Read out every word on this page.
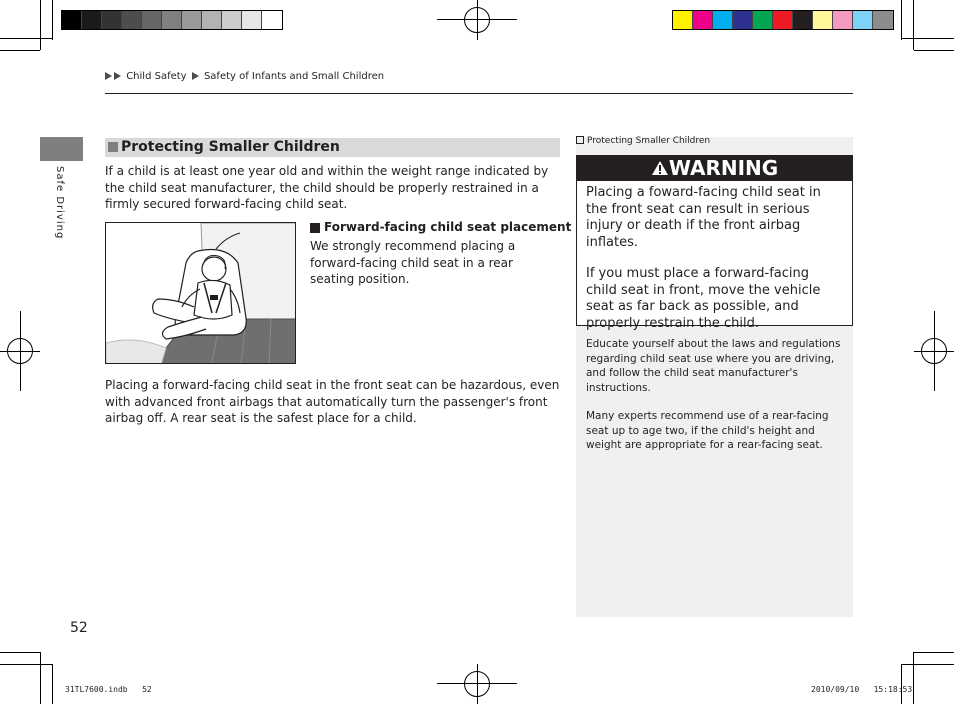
Child Safety Safety of Infants and Small Children
Safe Driving
Protecting Smaller Children
If a child is at least one year old and within the weight range indicated by the child seat manufacturer, the child should be properly restrained in a firmly secured forward-facing child seat.
Forward-facing child seat placement
We strongly recommend placing a forward-facing child seat in a rear seating position.
Placing a forward-facing child seat in the front seat can be hazardous, even with advanced front airbags that automatically turn the passenger's front airbag off. A rear seat is the safest place for a child.
Protecting Smaller Children
WARNING

Placing a foward-facing child seat in the front seat can result in serious injury or death if the front airbag inflates.

If you must place a forward-facing child seat in front, move the vehicle seat as far back as possible, and properly restrain the child.

Educate yourself about the laws and regulations regarding child seat use where you are driving, and follow the child seat manufacturer's instructions.

Many experts recommend use of a rear-facing seat up to age two, if the child's height and weight are appropriate for a rear-facing seat.

52
31TL7600.indb   52	2010/09/10   15:18:53
